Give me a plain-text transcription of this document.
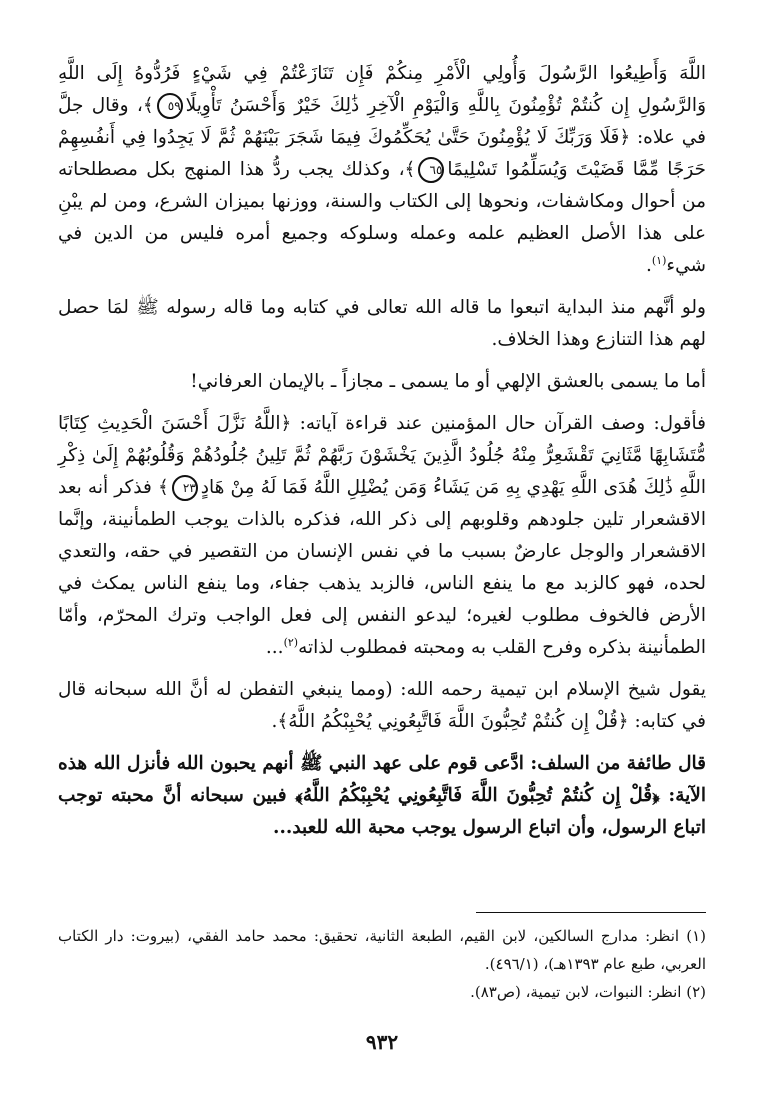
اللَّهَ وَأَطِيعُوا الرَّسُولَ وَأُولِي الْأَمْرِ مِنكُمْ فَإِن تَنَازَعْتُمْ فِي شَيْءٍ فَرُدُّوهُ إِلَى اللَّهِ وَالرَّسُولِ إِن كُنتُمْ تُؤْمِنُونَ بِاللَّهِ وَالْيَوْمِ الْآخِرِ ذَٰلِكَ خَيْرٌ وَأَحْسَنُ تَأْوِيلًا٥٩﴾، وقال جلَّ في علاه: ﴿فَلَا وَرَبِّكَ لَا يُؤْمِنُونَ حَتَّىٰ يُحَكِّمُوكَ فِيمَا شَجَرَ بَيْنَهُمْ ثُمَّ لَا يَجِدُوا فِي أَنفُسِهِمْ حَرَجًا مِّمَّا قَضَيْتَ وَيُسَلِّمُوا تَسْلِيمًا٦٥﴾، وكذلك يجب ردُّ هذا المنهج بكل مصطلحاته من أحوال ومكاشفات، ونحوها إلى الكتاب والسنة، ووزنها بميزان الشرع، ومن لم يبْنِ على هذا الأصل العظيم علمه وعمله وسلوكه وجميع أمره فليس من الدين في شيء$^{(١)}$.

ولو أنَّهم منذ البداية اتبعوا ما قاله الله تعالى في كتابه وما قاله رسوله ﷺ لمَا حصل لهم هذا التنازع وهذا الخلاف.

أما ما يسمى بالعشق الإلهي أو ما يسمى ـ مجازاً ـ بالإيمان العرفاني!

فأقول: وصف القرآن حال المؤمنين عند قراءة آياته: ﴿اللَّهُ نَزَّلَ أَحْسَنَ الْحَدِيثِ كِتَابًا مُّتَشَابِهًا مَّثَانِيَ تَقْشَعِرُّ مِنْهُ جُلُودُ الَّذِينَ يَخْشَوْنَ رَبَّهُمْ ثُمَّ تَلِينُ جُلُودُهُمْ وَقُلُوبُهُمْ إِلَىٰ ذِكْرِ اللَّهِ ذَٰلِكَ هُدَى اللَّهِ يَهْدِي بِهِ مَن يَشَاءُ وَمَن يُضْلِلِ اللَّهُ فَمَا لَهُ مِنْ هَادٍ٢٣﴾ فذكر أنه بعد الاقشعرار تلين جلودهم وقلوبهم إلى ذكر الله، فذكره بالذات يوجب الطمأنينة، وإنَّما الاقشعرار والوجل عارضٌ بسبب ما في نفس الإنسان من التقصير في حقه، والتعدي لحده، فهو كالزبد مع ما ينفع الناس، فالزبد يذهب جفاء، وما ينفع الناس يمكث في الأرض فالخوف مطلوب لغيره؛ ليدعو النفس إلى فعل الواجب وترك المحرّم، وأمّا الطمأنينة بذكره وفرح القلب به ومحبته فمطلوب لذاته$^{(٢)}$...

يقول شيخ الإسلام ابن تيمية رحمه الله: (ومما ينبغي التفطن له أنَّ الله سبحانه قال في كتابه: ﴿قُلْ إِن كُنتُمْ تُحِبُّونَ اللَّهَ فَاتَّبِعُونِي يُحْبِبْكُمُ اللَّهُ﴾.

قال طائفة من السلف: ادَّعى قوم على عهد النبي ﷺ أنهم يحبون الله فأنزل الله هذه الآية: ﴿قُلْ إِن كُنتُمْ تُحِبُّونَ اللَّهَ فَاتَّبِعُونِي يُحْبِبْكُمُ اللَّهُ﴾ فبين سبحانه أنَّ محبته توجب اتباع الرسول، وأن اتباع الرسول يوجب محبة الله للعبد...

(١) انظر: مدارج السالكين، لابن القيم، الطبعة الثانية، تحقيق: محمد حامد الفقي، (بيروت: دار الكتاب العربي، طبع عام ١٣٩٣هـ)، (٤٩٦/١).

(٢) انظر: النبوات، لابن تيمية، (ص٨٣).

٩٣٢
